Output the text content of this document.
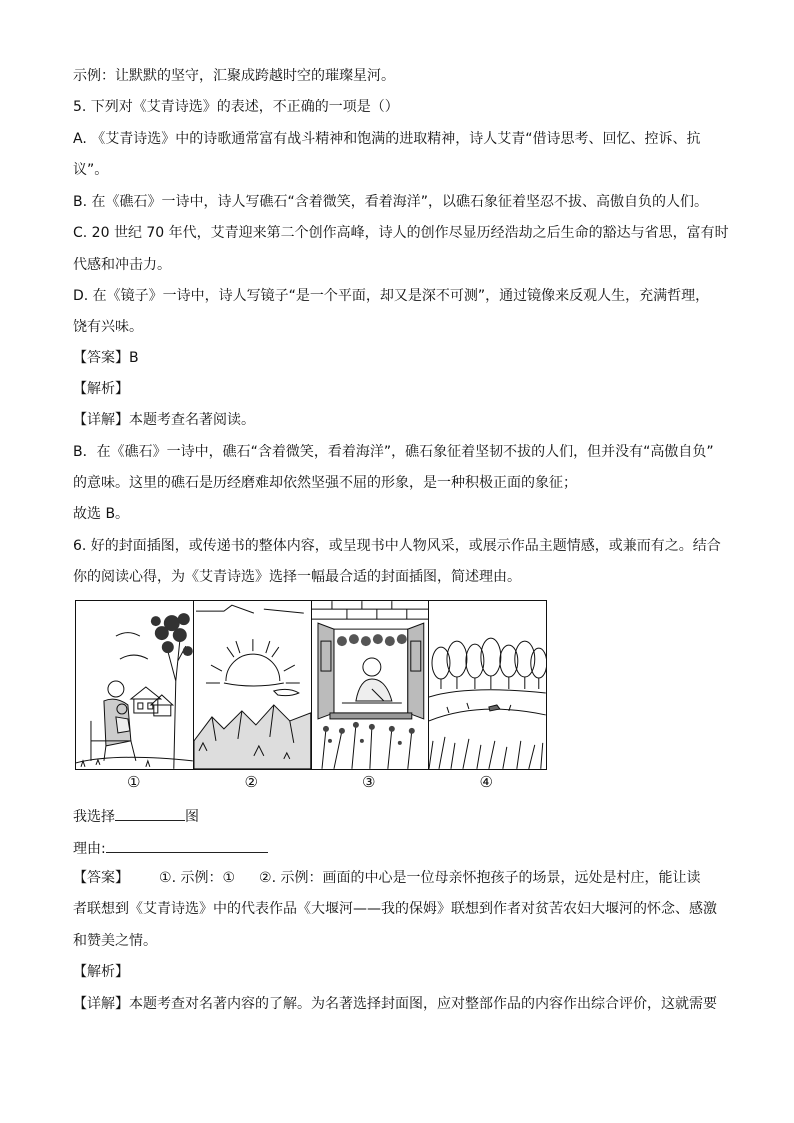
示例：让默默的坚守，汇聚成跨越时空的璀璨星河。
5. 下列对《艾青诗选》的表述，不正确的一项是（）
A. 《艾青诗选》中的诗歌通常富有战斗精神和饱满的进取精神，诗人艾青“借诗思考、回忆、控诉、抗
议”。
B. 在《礁石》一诗中，诗人写礁石“含着微笑，看着海洋”，以礁石象征着坚忍不拔、高傲自负的人们。
C. 20 世纪 70 年代，艾青迎来第二个创作高峰，诗人的创作尽显历经浩劫之后生命的豁达与省思，富有时
代感和冲击力。
D. 在《镜子》一诗中，诗人写镜子“是一个平面，却又是深不可测”，通过镜像来反观人生，充满哲理，
饶有兴味。
【答案】B
【解析】
【详解】本题考查名著阅读。
B．在《礁石》一诗中，礁石“含着微笑，看着海洋”，礁石象征着坚韧不拔的人们，但并没有“高傲自负”
的意味。这里的礁石是历经磨难却依然坚强不屈的形象，是一种积极正面的象征；
故选 B。
6. 好的封面插图，或传递书的整体内容，或呈现书中人物风采，或展示作品主题情感，或兼而有之。结合
你的阅读心得，为《艾青诗选》选择一幅最合适的封面插图，简述理由。
①	②	③	④
我选择	图
理由:
【答案】 ①. 示例：① ②. 示例：画面的中心是一位母亲怀抱孩子的场景，远处是村庄，能让读
者联想到《艾青诗选》中的代表作品《大堰河——我的保姆》联想到作者对贫苦农妇大堰河的怀念、感激
和赞美之情。
【解析】
【详解】本题考查对名著内容的了解。为名著选择封面图，应对整部作品的内容作出综合评价，这就需要
